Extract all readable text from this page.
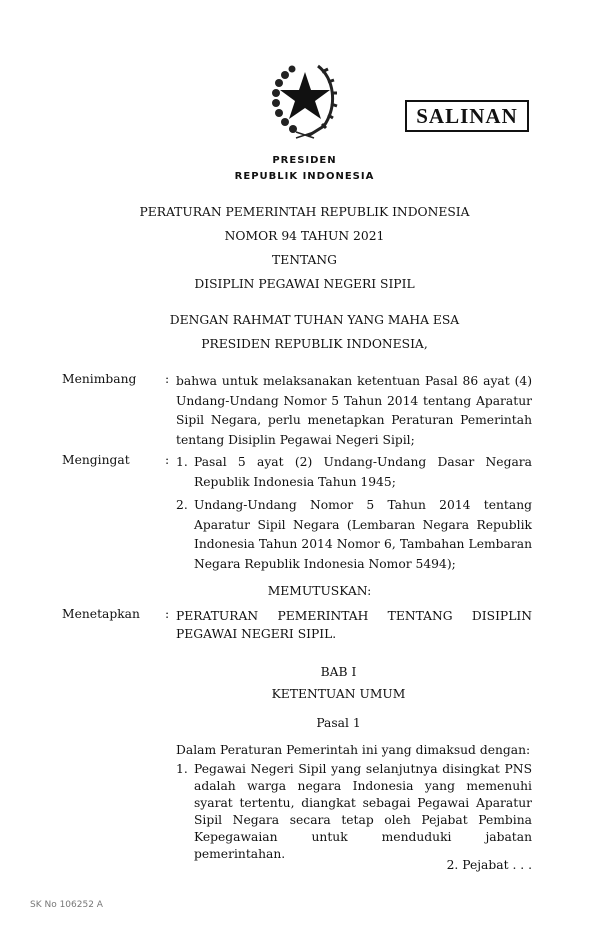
SALINAN
PRESIDEN
REPUBLIK INDONESIA
PERATURAN PEMERINTAH REPUBLIK INDONESIA
NOMOR 94 TAHUN 2021
TENTANG
DISIPLIN PEGAWAI NEGERI SIPIL
DENGAN RAHMAT TUHAN YANG MAHA ESA
PRESIDEN REPUBLIK INDONESIA,
Menimbang : bahwa untuk melaksanakan ketentuan Pasal 86 ayat (4) Undang-Undang Nomor 5 Tahun 2014 tentang Aparatur Sipil Negara, perlu menetapkan Peraturan Pemerintah tentang Disiplin Pegawai Negeri Sipil;
Mengingat	: 1. Pasal 5 ayat (2) Undang-Undang Dasar Negara Republik Indonesia Tahun 1945;
2. Undang-Undang Nomor 5 Tahun 2014 tentang Aparatur Sipil Negara (Lembaran Negara Republik Indonesia Tahun 2014 Nomor 6, Tambahan Lembaran Negara Republik Indonesia Nomor 5494);
MEMUTUSKAN:
Menetapkan : PERATURAN PEMERINTAH TENTANG DISIPLIN PEGAWAI NEGERI SIPIL.
BAB I
KETENTUAN UMUM
Pasal 1
Dalam Peraturan Pemerintah ini yang dimaksud dengan:
1. Pegawai Negeri Sipil yang selanjutnya disingkat PNS adalah warga negara Indonesia yang memenuhi syarat tertentu, diangkat sebagai Pegawai Aparatur Sipil Negara secara tetap oleh Pejabat Pembina Kepegawaian untuk menduduki jabatan pemerintahan.
2. Pejabat . . .
SK No 106252 A
